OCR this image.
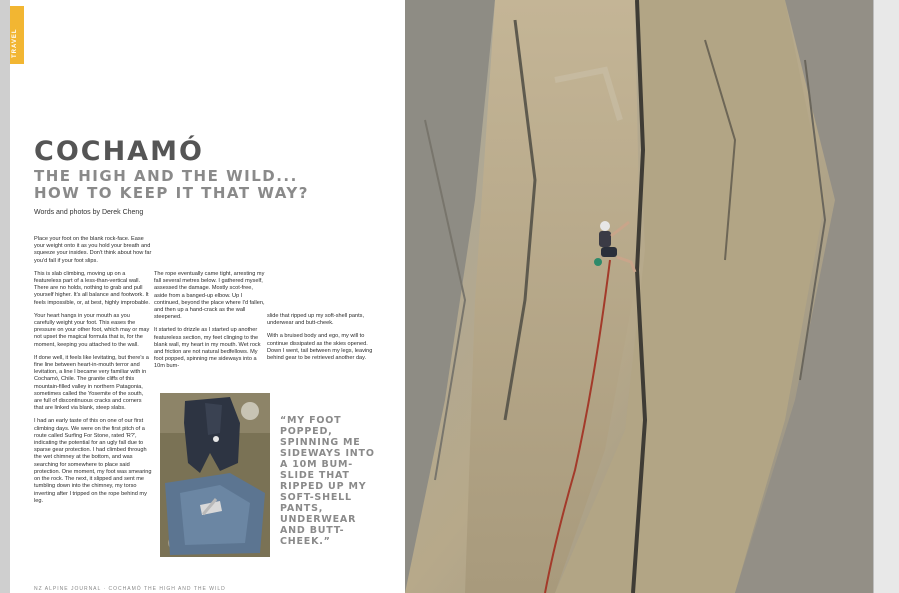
TRAVEL
COCHAMÓ
THE HIGH AND THE WILD...
HOW TO KEEP IT THAT WAY?
Words and photos by Derek Cheng

Place your foot on the blank rock-face. Ease your weight onto it as you hold your breath and squeeze your insides. Don't think about how far you'd fall if your foot slips.

This is slab climbing, moving up on a featureless part of a less-than-vertical wall. There are no holds, nothing to grab and pull yourself higher. It's all balance and footwork. It feels impossible, or, at best, highly improbable.

Your heart hangs in your mouth as you carefully weight your foot. This eases the pressure on your other foot, which may or may not upset the magical formula that is, for the moment, keeping you attached to the wall.

If done well, it feels like levitating, but there's a fine line between heart-in-mouth terror and levitation, a line I became very familiar with in Cochamó, Chile. The granite cliffs of this mountain-filled valley in northern Patagonia, sometimes called the Yosemite of the south, are full of discontinuous cracks and corners that are linked via blank, steep slabs.

I had an early taste of this on one of our first climbing days. We were on the first pitch of a route called Surfing For Stone, rated 'R?', indicating the potential for an ugly fall due to sparse gear protection. I had climbed through the wet chimney at the bottom, and was searching for somewhere to place said protection. One moment, my foot was smearing on the rock. The next, it slipped and sent me tumbling down into the chimney, my torso inverting after I tripped on the rope behind my leg.

The rope eventually came tight, arresting my fall several metres below. I gathered myself, assessed the damage. Mostly scot-free, aside from a banged-up elbow. Up I continued, beyond the place where I'd fallen, and then up a hand-crack as the wall steepened.

It started to drizzle as I started up another featureless section, my feet clinging to the blank wall, my heart in my mouth. Wet rock and friction are not natural bedfellows. My foot popped, spinning me sideways into a 10m bum-

slide that ripped up my soft-shell pants, underwear and butt-cheek.

With a bruised body and ego, my will to continue dissipated as the skies opened. Down I went, tail between my legs, leaving behind gear to be retrieved another day.

“MY FOOT POPPED, SPINNING ME SIDEWAYS INTO A 10M BUM-SLIDE THAT RIPPED UP MY SOFT-SHELL PANTS, UNDERWEAR AND BUTT-CHEEK.”
NZ ALPINE JOURNAL · COCHAMÓ THE HIGH AND THE WILD
